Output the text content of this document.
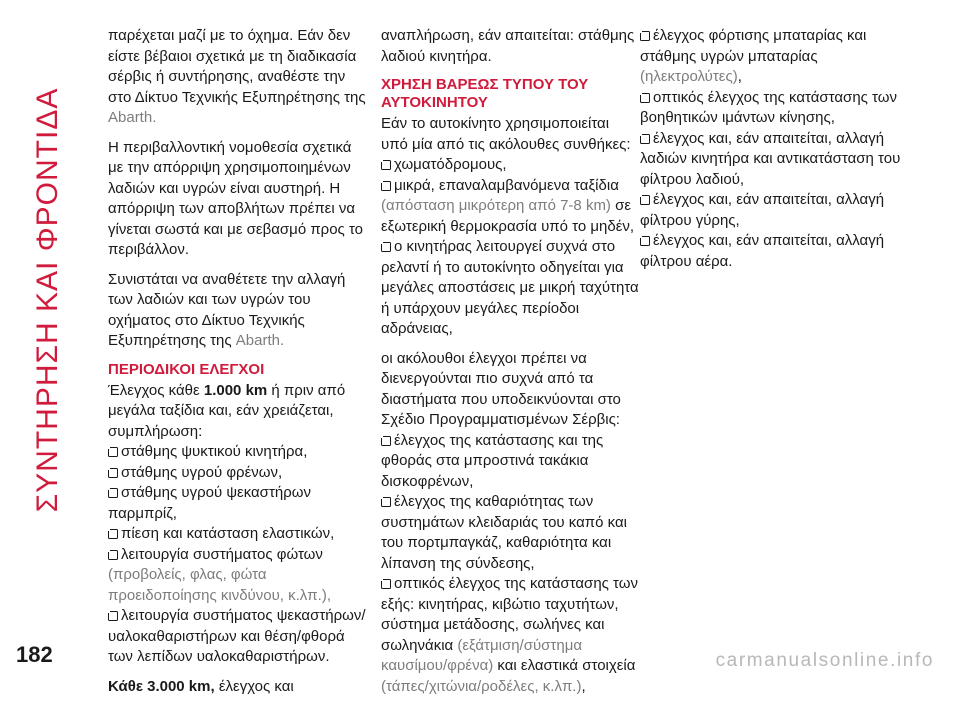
ΣΥΝΤΗΡΗΣΗ ΚΑΙ ΦΡΟΝΤΙΔΑ

παρέχεται μαζί με το όχημα. Εάν δεν είστε βέβαιοι σχετικά με τη διαδικασία σέρβις ή συντήρησης, αναθέστε την στο Δίκτυο Τεχνικής Εξυπηρέτησης της Abarth.

Η περιβαλλοντική νομοθεσία σχετικά με την απόρριψη χρησιμοποιημένων λαδιών και υγρών είναι αυστηρή. Η απόρριψη των αποβλήτων πρέπει να γίνεται σωστά και με σεβασμό προς το περιβάλλον.

Συνιστάται να αναθέτετε την αλλαγή των λαδιών και των υγρών του οχήματος στο Δίκτυο Τεχνικής Εξυπηρέτησης της Abarth.

ΠΕΡΙΟΔΙΚΟΙ ΕΛΕΓΧΟΙ

Έλεγχος κάθε 1.000 km ή πριν από μεγάλα ταξίδια και, εάν χρειάζεται, συμπλήρωση:

στάθμης ψυκτικού κινητήρα,

στάθμης υγρού φρένων,

στάθμης υγρού ψεκαστήρων παρμπρίζ,

πίεση και κατάσταση ελαστικών,

λειτουργία συστήματος φώτων (προβολείς, φλας, φώτα προειδοποίησης κινδύνου, κ.λπ.),

λειτουργία συστήματος ψεκαστήρων/υαλοκαθαριστήρων και θέση/φθορά των λεπίδων υαλοκαθαριστήρων.

Κάθε 3.000 km, έλεγχος και

αναπλήρωση, εάν απαιτείται: στάθμης λαδιού κινητήρα.

ΧΡΗΣΗ ΒΑΡΕΩΣ ΤΥΠΟΥ ΤΟΥ ΑΥΤΟΚΙΝΗΤΟΥ

Εάν το αυτοκίνητο χρησιμοποιείται υπό μία από τις ακόλουθες συνθήκες:

χωματόδρομους,

μικρά, επαναλαμβανόμενα ταξίδια (απόσταση μικρότερη από 7-8 km) σε εξωτερική θερμοκρασία υπό το μηδέν,

ο κινητήρας λειτουργεί συχνά στο ρελαντί ή το αυτοκίνητο οδηγείται για μεγάλες αποστάσεις με μικρή ταχύτητα ή υπάρχουν μεγάλες περίοδοι αδράνειας,

οι ακόλουθοι έλεγχοι πρέπει να διενεργούνται πιο συχνά από τα διαστήματα που υποδεικνύονται στο Σχέδιο Προγραμματισμένων Σέρβις:

έλεγχος της κατάστασης και της φθοράς στα μπροστινά τακάκια δισκοφρένων,

έλεγχος της καθαριότητας των συστημάτων κλειδαριάς του καπό και του πορτμπαγκάζ, καθαριότητα και λίπανση της σύνδεσης,

οπτικός έλεγχος της κατάστασης των εξής: κινητήρας, κιβώτιο ταχυτήτων, σύστημα μετάδοσης, σωλήνες και σωληνάκια (εξάτμιση/σύστημα καυσίμου/φρένα) και ελαστικά στοιχεία (τάπες/χιτώνια/ροδέλες, κ.λπ.),

έλεγχος φόρτισης μπαταρίας και στάθμης υγρών μπαταρίας (ηλεκτρολύτες),

οπτικός έλεγχος της κατάστασης των βοηθητικών ιμάντων κίνησης,

έλεγχος και, εάν απαιτείται, αλλαγή λαδιών κινητήρα και αντικατάσταση του φίλτρου λαδιού,

έλεγχος και, εάν απαιτείται, αλλαγή φίλτρου γύρης,

έλεγχος και, εάν απαιτείται, αλλαγή φίλτρου αέρα.

182	carmanualsonline.info
